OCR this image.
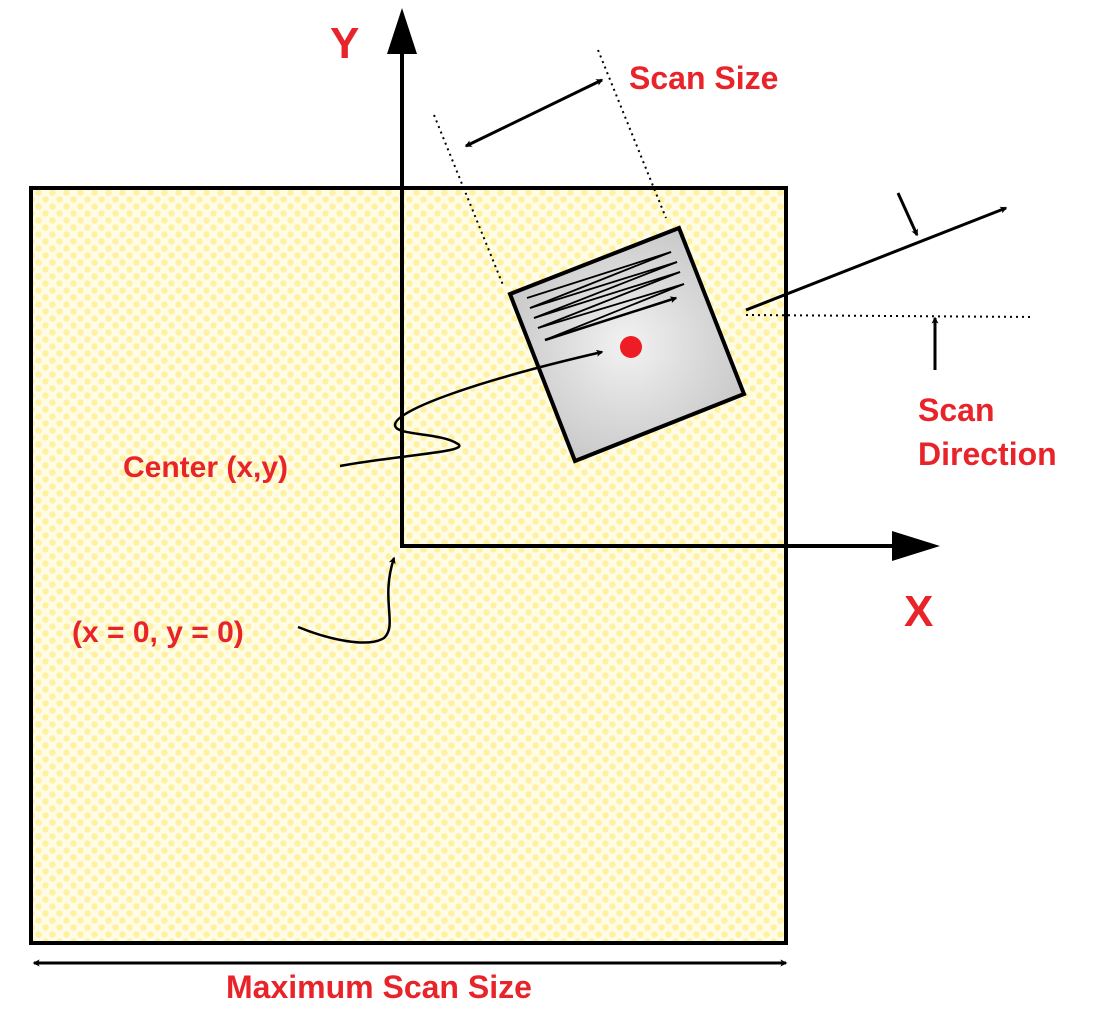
Y
X
Scan Size
Scan
Direction
Center (x,y)
(x = 0, y = 0)
Maximum Scan Size
